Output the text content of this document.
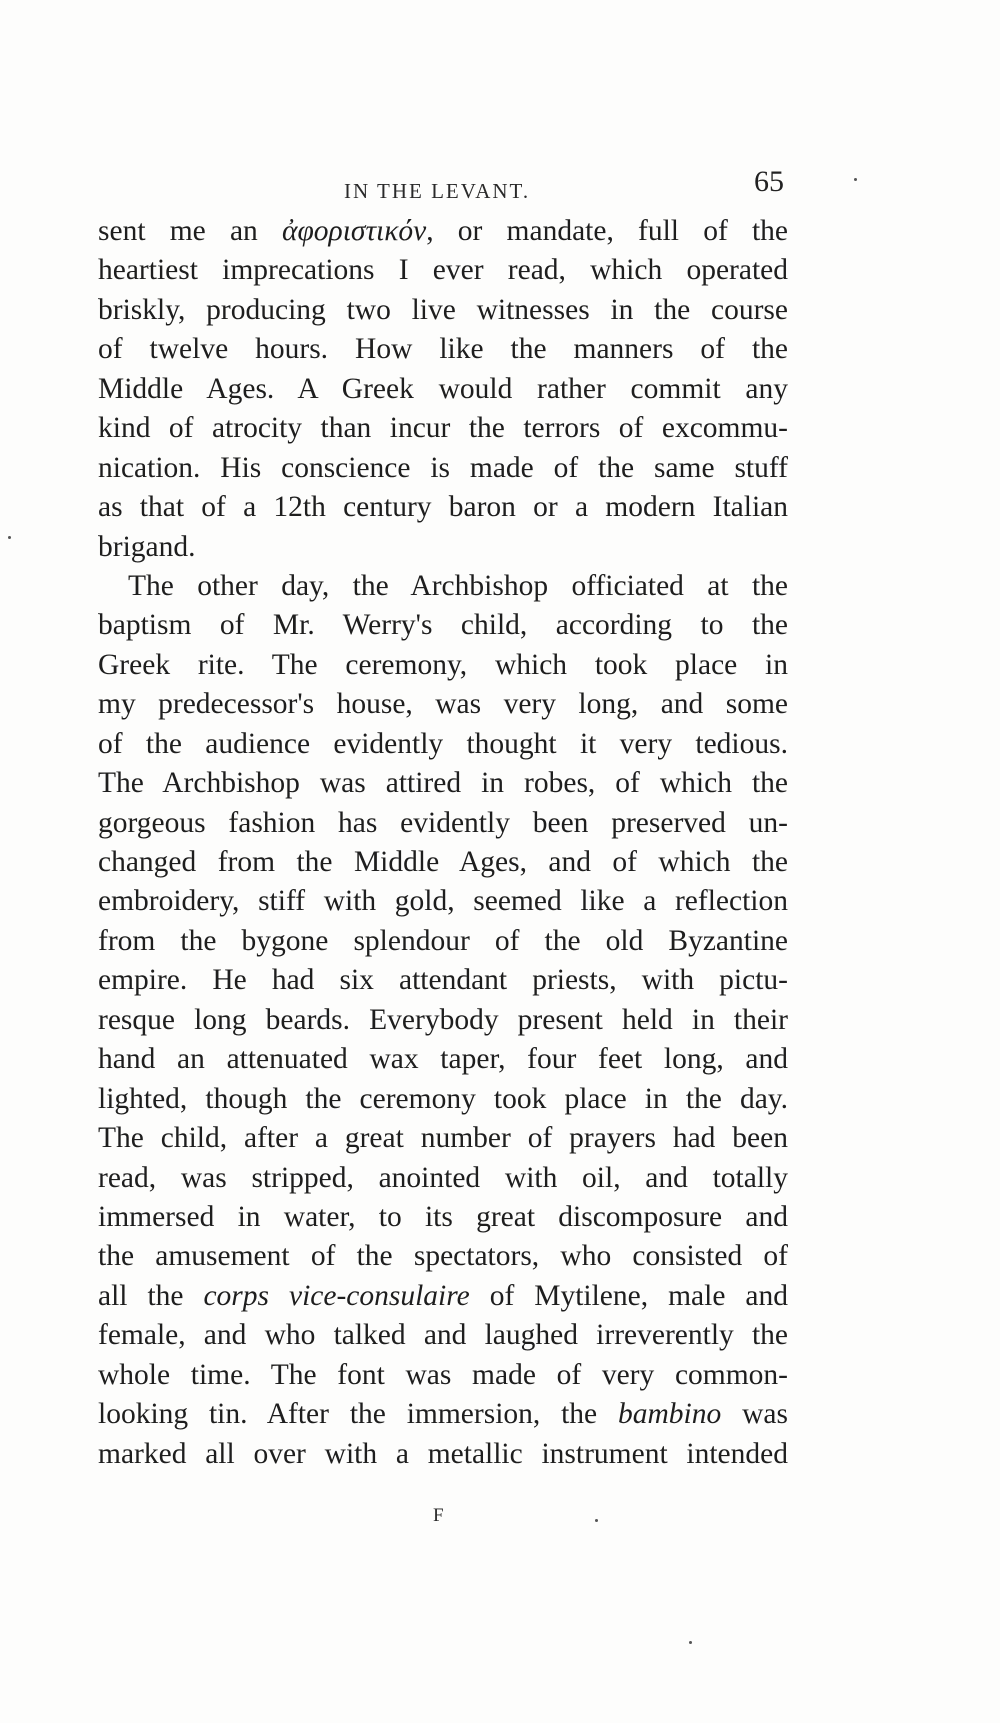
IN THE LEVANT.	65
sent me an ἀφοριστικόν, or mandate, full of the
heartiest imprecations I ever read, which operated
briskly, producing two live witnesses in the course
of twelve hours. How like the manners of the
Middle Ages. A Greek would rather commit any
kind of atrocity than incur the terrors of excommu-
nication. His conscience is made of the same stuff
as that of a 12th century baron or a modern Italian
brigand.
The other day, the Archbishop officiated at the
baptism of Mr. Werry's child, according to the
Greek rite. The ceremony, which took place in
my predecessor's house, was very long, and some
of the audience evidently thought it very tedious.
The Archbishop was attired in robes, of which the
gorgeous fashion has evidently been preserved un-
changed from the Middle Ages, and of which the
embroidery, stiff with gold, seemed like a reflection
from the bygone splendour of the old Byzantine
empire. He had six attendant priests, with pictu-
resque long beards. Everybody present held in their
hand an attenuated wax taper, four feet long, and
lighted, though the ceremony took place in the day.
The child, after a great number of prayers had been
read, was stripped, anointed with oil, and totally
immersed in water, to its great discomposure and
the amusement of the spectators, who consisted of
all the corps vice-consulaire of Mytilene, male and
female, and who talked and laughed irreverently the
whole time. The font was made of very common-
looking tin. After the immersion, the bambino was
marked all over with a metallic instrument intended
F
